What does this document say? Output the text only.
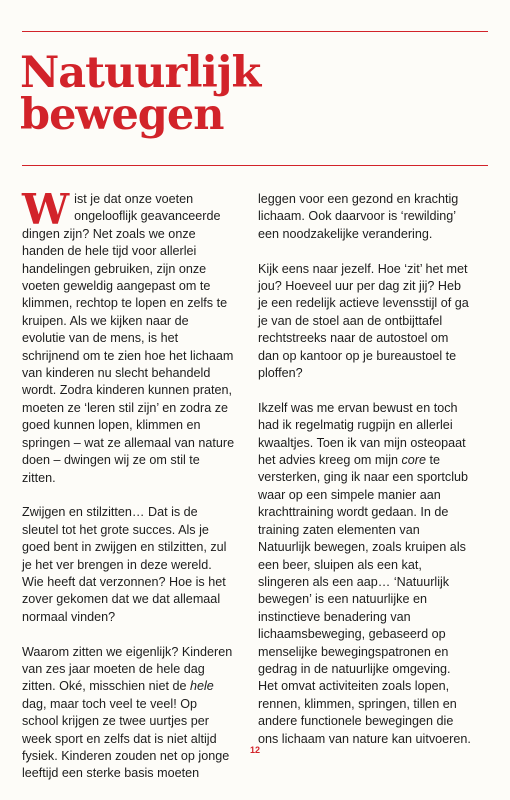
Natuurlijk
bewegen

Wist je dat onze voeten ongelooflijk geavanceerde dingen zijn? Net zoals we onze handen de hele tijd voor allerlei handelingen gebruiken, zijn onze voeten geweldig aangepast om te klimmen, rechtop te lopen en zelfs te kruipen. Als we kijken naar de evolutie van de mens, is het schrijnend om te zien hoe het lichaam van kinderen nu slecht behandeld wordt. Zodra kinderen kunnen praten, moeten ze ‘leren stil zijn’ en zodra ze goed kunnen lopen, klimmen en springen – wat ze allemaal van nature doen – dwingen wij ze om stil te zitten.

Zwijgen en stilzitten… Dat is de sleutel tot het grote succes. Als je goed bent in zwijgen en stilzitten, zul je het ver brengen in deze wereld. Wie heeft dat verzonnen? Hoe is het zover gekomen dat we dat allemaal normaal vinden?

Waarom zitten we eigenlijk? Kinderen van zes jaar moeten de hele dag zitten. Oké, misschien niet de hele dag, maar toch veel te veel! Op school krijgen ze twee uurtjes per week sport en zelfs dat is niet altijd fysiek. Kinderen zouden net op jonge leeftijd een sterke basis moeten

leggen voor een gezond en krachtig lichaam. Ook daarvoor is ‘rewilding’ een noodzakelijke verandering.

Kijk eens naar jezelf. Hoe ‘zit’ het met jou? Hoeveel uur per dag zit jij? Heb je een redelijk actieve levensstijl of ga je van de stoel aan de ontbijttafel rechtstreeks naar de autostoel om dan op kantoor op je bureaustoel te ploffen?

Ikzelf was me ervan bewust en toch had ik regelmatig rugpijn en allerlei kwaaltjes. Toen ik van mijn osteopaat het advies kreeg om mijn core te versterken, ging ik naar een sportclub waar op een simpele manier aan krachttraining wordt gedaan. In de training zaten elementen van Natuurlijk bewegen, zoals kruipen als een beer, sluipen als een kat, slingeren als een aap… ‘Natuurlijk bewegen’ is een natuurlijke en instinctieve benadering van lichaamsbeweging, gebaseerd op menselijke bewegingspatronen en gedrag in de natuurlijke omgeving. Het omvat activiteiten zoals lopen, rennen, klimmen, springen, tillen en andere functionele bewegingen die ons lichaam van nature kan uitvoeren.

12
